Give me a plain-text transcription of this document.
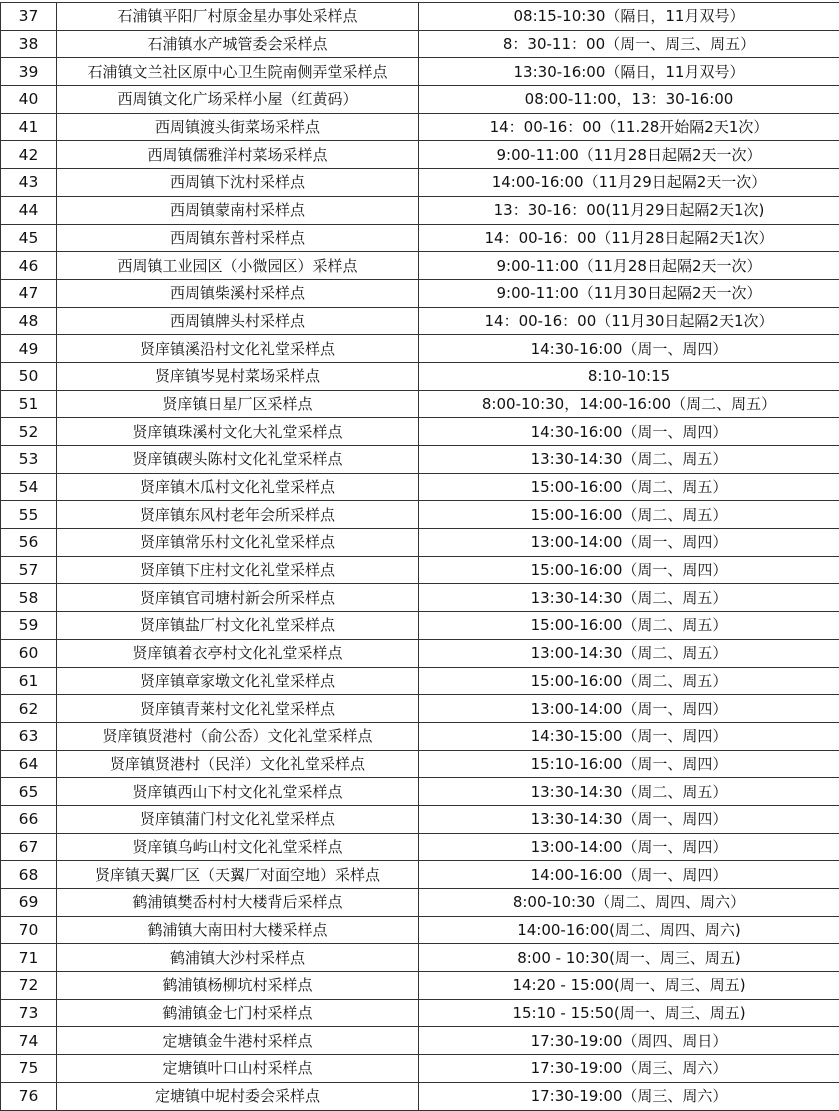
37	石浦镇平阳厂村原金星办事处采样点	08:15-10:30（隔日，11月双号）
38	石浦镇水产城管委会采样点	8：30-11：00（周一、周三、周五）
39	石浦镇文兰社区原中心卫生院南侧弄堂采样点	13:30-16:00（隔日，11月双号）
40	西周镇文化广场采样小屋（红黄码）	08:00-11:00，13：30-16:00
41	西周镇渡头街菜场采样点	14：00-16：00（11.28开始隔2天1次）
42	西周镇儒雅洋村菜场采样点	9:00-11:00（11月28日起隔2天一次）
43	西周镇下沈村采样点	14:00-16:00（11月29日起隔2天一次）
44	西周镇蒙南村采样点	13：30-16：00(11月29日起隔2天1次)
45	西周镇东普村采样点	14：00-16：00（11月28日起隔2天1次）
46	西周镇工业园区（小微园区）采样点	9:00-11:00（11月28日起隔2天一次）
47	西周镇柴溪村采样点	9:00-11:00（11月30日起隔2天一次）
48	西周镇牌头村采样点	14：00-16：00（11月30日起隔2天1次）
49	贤庠镇溪沿村文化礼堂采样点	14:30-16:00（周一、周四）
50	贤庠镇岑晃村菜场采样点	8:10-10:15
51	贤庠镇日星厂区采样点	8:00-10:30，14:00-16:00（周二、周五）
52	贤庠镇珠溪村文化大礼堂采样点	14:30-16:00（周一、周四）
53	贤庠镇碶头陈村文化礼堂采样点	13:30-14:30（周二、周五）
54	贤庠镇木瓜村文化礼堂采样点	15:00-16:00（周二、周五）
55	贤庠镇东风村老年会所采样点	15:00-16:00（周二、周五）
56	贤庠镇常乐村文化礼堂采样点	13:00-14:00（周一、周四）
57	贤庠镇下庄村文化礼堂采样点	15:00-16:00（周一、周四）
58	贤庠镇官司塘村新会所采样点	13:30-14:30（周二、周五）
59	贤庠镇盐厂村文化礼堂采样点	15:00-16:00（周二、周五）
60	贤庠镇着衣亭村文化礼堂采样点	13:00-14:30（周二、周五）
61	贤庠镇章家墩文化礼堂采样点	15:00-16:00（周二、周五）
62	贤庠镇青莱村文化礼堂采样点	13:00-14:00（周一、周四）
63	贤庠镇贤港村（俞公岙）文化礼堂采样点	14:30-15:00（周一、周四）
64	贤庠镇贤港村（民洋）文化礼堂采样点	15:10-16:00（周一、周四）
65	贤庠镇西山下村文化礼堂采样点	13:30-14:30（周二、周五）
66	贤庠镇蒲门村文化礼堂采样点	13:30-14:30（周一、周四）
67	贤庠镇乌屿山村文化礼堂采样点	13:00-14:00（周一、周四）
68	贤庠镇天翼厂区（天翼厂对面空地）采样点	14:00-16:00（周一、周四）
69	鹤浦镇樊岙村村大楼背后采样点	8:00-10:30（周二、周四、周六）
70	鹤浦镇大南田村大楼采样点	14:00-16:00(周二、周四、周六)
71	鹤浦镇大沙村采样点	8:00 - 10:30(周一、周三、周五)
72	鹤浦镇杨柳坑村采样点	14:20 - 15:00(周一、周三、周五)
73	鹤浦镇金七门村采样点	15:10 - 15:50(周一、周三、周五)
74	定塘镇金牛港村采样点	17:30-19:00（周四、周日）
75	定塘镇叶口山村采样点	17:30-19:00（周三、周六）
76	定塘镇中坭村委会采样点	17:30-19:00（周三、周六）
